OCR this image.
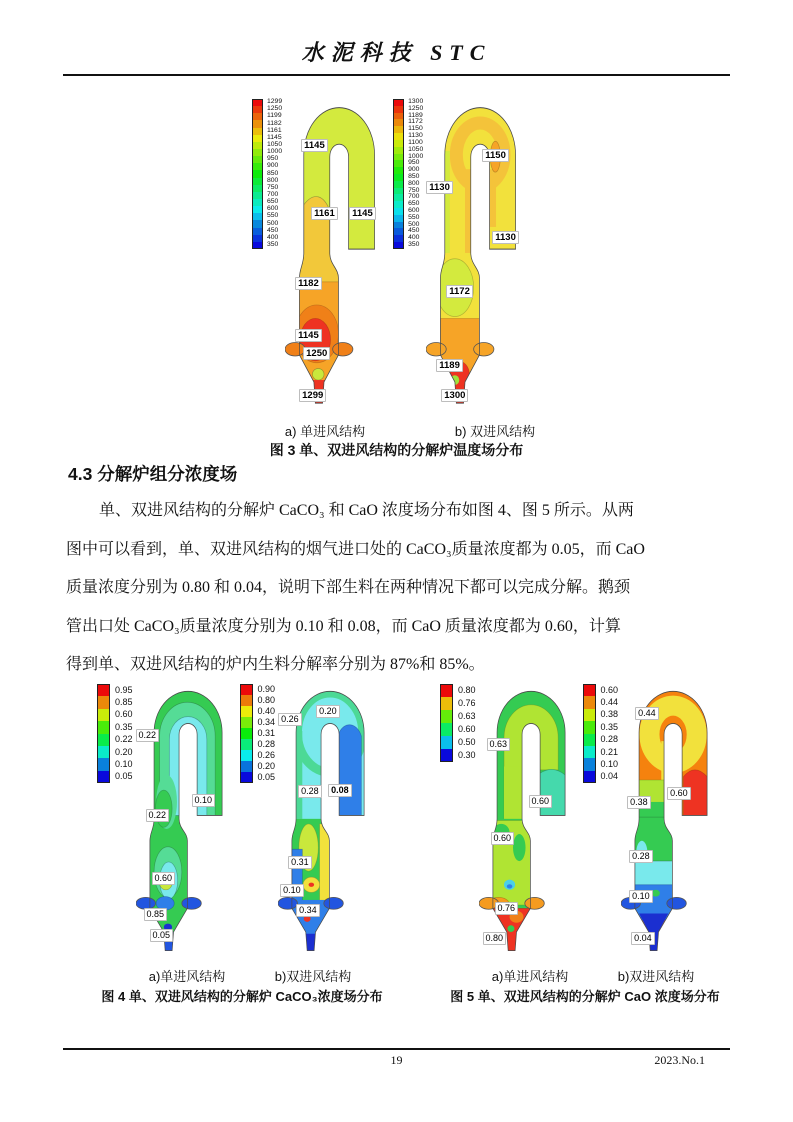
水泥科技 STC
1299
1250
1199
1182
1161
1145
1050
1000
950
900
850
800
750
700
650
600
550
500
450
400
350
1145
1161	1145
1182
1145
1250
1299
1300
1250
1189
1172
1150
1130
1100
1050
1000
950
900
850
800
750
700
650
600
550
500
450
400
350
1130
1150
1130
1172
1189
1300
a) 单进风结构	b) 双进风结构
图 3 单、双进风结构的分解炉温度场分布
4.3 分解炉组分浓度场
单、双进风结构的分解炉 CaCO₃ 和 CaO 浓度场分布如图 4、图 5 所示。从两
图中可以看到，单、双进风结构的烟气进口处的 CaCO₃质量浓度都为 0.05，而 CaO
质量浓度分别为 0.80 和 0.04，说明下部生料在两种情况下都可以完成分解。鹅颈
管出口处 CaCO₃质量浓度分别为 0.10 和 0.08，而 CaO 质量浓度都为 0.60，计算
得到单、双进风结构的炉内生料分解率分别为 87%和 85%。
0.95
0.85
0.60
0.35
0.22
0.20
0.10
0.05
0.22
0.10
0.22
0.60
0.85
0.05
0.90
0.80
0.40
0.34
0.31
0.28
0.26
0.20
0.05
0.26
0.20
0.28	0.08
0.31
0.10
0.34
a)单进风结构	b)双进风结构
图 4 单、双进风结构的分解炉 CaCO₃浓度场分布
0.80
0.76
0.63
0.60
0.50
0.30
0.63
0.60
0.60
0.76
0.80
0.60
0.44
0.38
0.35
0.28
0.21
0.10
0.04
0.44
0.60
0.38
0.28
0.10
0.04
a)单进风结构	b)双进风结构
图 5 单、双进风结构的分解炉 CaO 浓度场分布
19	2023.No.1
